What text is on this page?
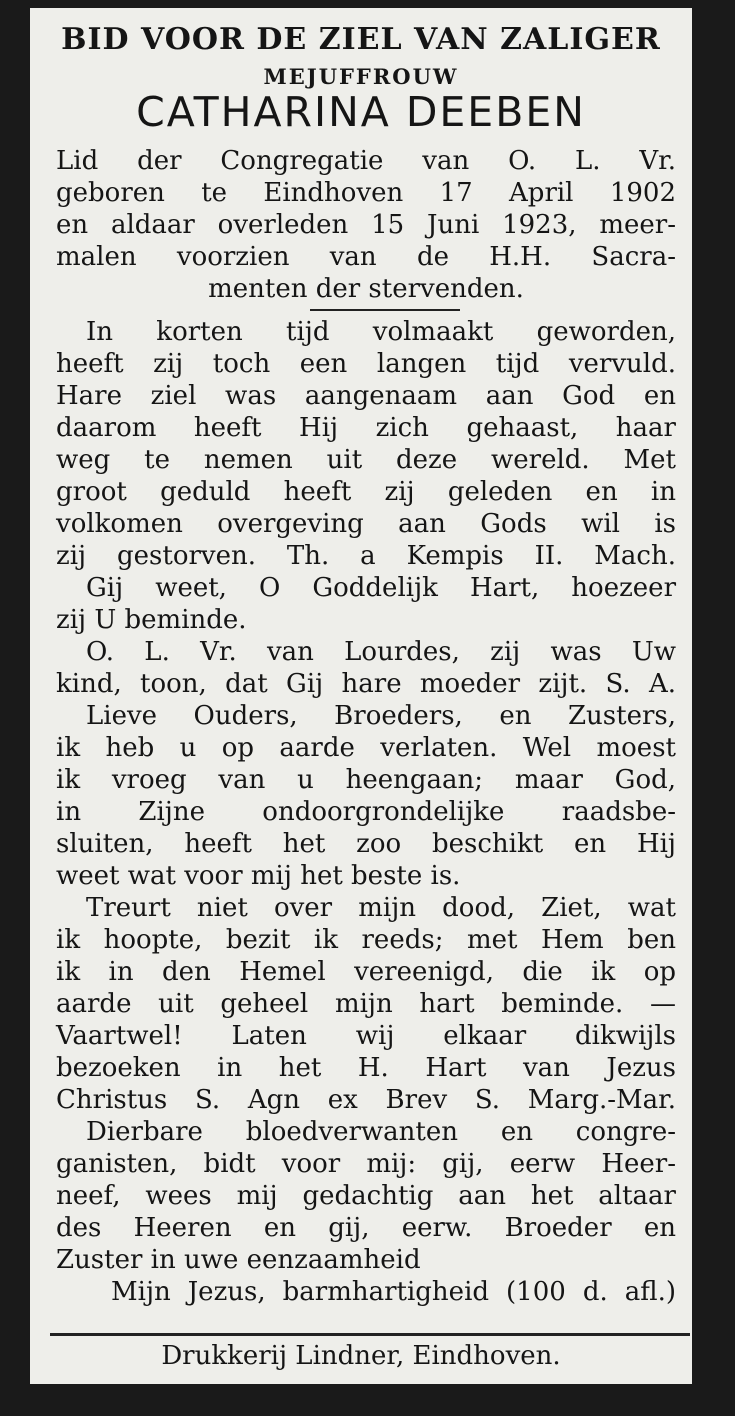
BID VOOR DE ZIEL VAN ZALIGER
MEJUFFROUW
CATHARINA DEEBEN
Lid der Congregatie van O. L. Vr.
geboren te Eindhoven 17 April 1902
en aldaar overleden 15 Juni 1923, meer-
malen voorzien van de H.H. Sacra-
menten der stervenden.
In korten tijd volmaakt geworden,
heeft zij toch een langen tijd vervuld.
Hare ziel was aangenaam aan God en
daarom heeft Hij zich gehaast, haar
weg te nemen uit deze wereld. Met
groot geduld heeft zij geleden en in
volkomen overgeving aan Gods wil is
zij gestorven. Th. a Kempis II. Mach.
Gij weet, O Goddelijk Hart, hoezeer
zij U beminde.
O. L. Vr. van Lourdes, zij was Uw
kind, toon, dat Gij hare moeder zijt. S. A.
Lieve Ouders, Broeders, en Zusters,
ik heb u op aarde verlaten. Wel moest
ik vroeg van u heengaan; maar God,
in Zijne ondoorgrondelijke raadsbe-
sluiten, heeft het zoo beschikt en Hij
weet wat voor mij het beste is.
Treurt niet over mijn dood, Ziet, wat
ik hoopte, bezit ik reeds; met Hem ben
ik in den Hemel vereenigd, die ik op
aarde uit geheel mijn hart beminde. —
Vaartwel! Laten wij elkaar dikwijls
bezoeken in het H. Hart van Jezus
Christus S. Agn ex Brev S. Marg.-Mar.
Dierbare bloedverwanten en congre-
ganisten, bidt voor mij: gij, eerw Heer-
neef, wees mij gedachtig aan het altaar
des Heeren en gij, eerw. Broeder en
Zuster in uwe eenzaamheid
Mijn Jezus, barmhartigheid (100 d. afl.)
Drukkerij Lindner, Eindhoven.
